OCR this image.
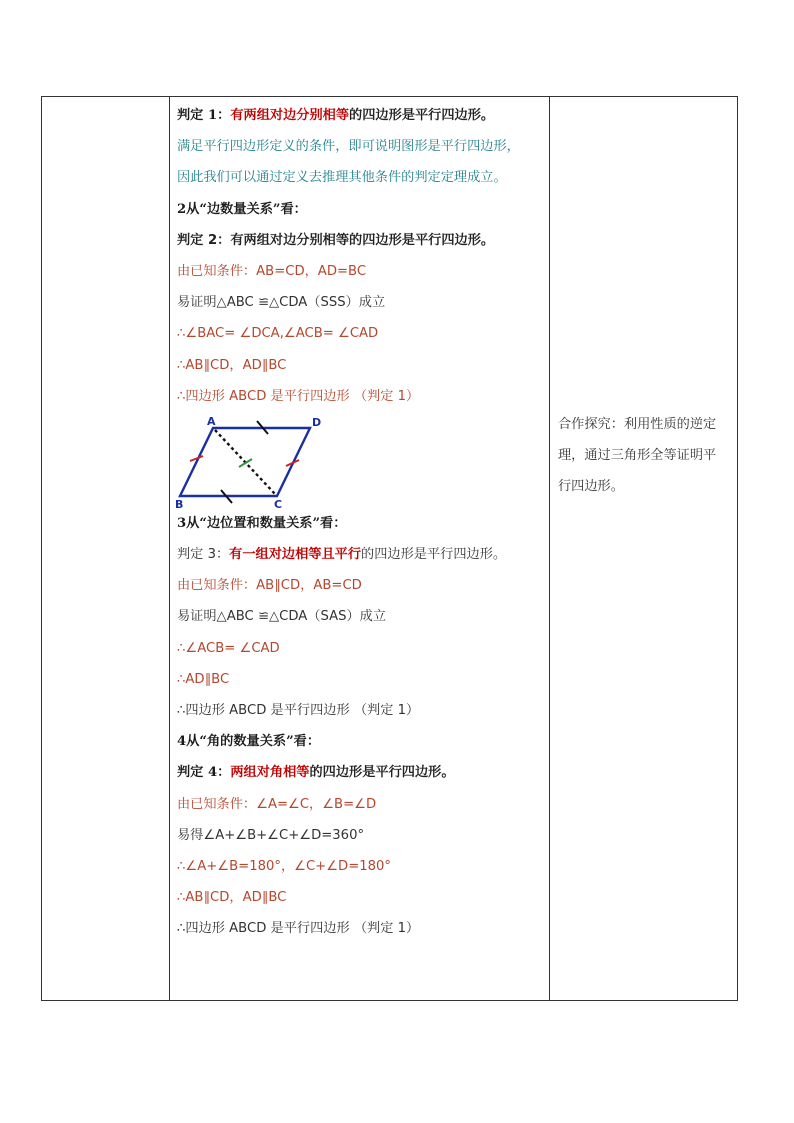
判定 1：有两组对边分别相等的四边形是平行四边形。
满足平行四边形定义的条件，即可说明图形是平行四边形，
因此我们可以通过定义去推理其他条件的判定定理成立。
2从“边数量关系”看：
判定 2：有两组对边分别相等的四边形是平行四边形。
由已知条件：AB=CD，AD=BC
易证明△ABC ≌△CDA（SSS）成立
∴∠BAC= ∠DCA,∠ACB= ∠CAD
∴AB∥CD，AD∥BC
∴四边形 ABCD 是平行四边形 （判定 1）
A	D
B	C
3从“边位置和数量关系”看：
判定 3：有一组对边相等且平行的四边形是平行四边形。
由已知条件：AB∥CD，AB=CD
易证明△ABC ≌△CDA（SAS）成立
∴∠ACB= ∠CAD
∴AD∥BC
∴四边形 ABCD 是平行四边形 （判定 1）
4从“角的数量关系”看：
判定 4：两组对角相等的四边形是平行四边形。
由已知条件：∠A=∠C，∠B=∠D
易得∠A+∠B+∠C+∠D=360°
∴∠A+∠B=180°，∠C+∠D=180°
∴AB∥CD，AD∥BC
∴四边形 ABCD 是平行四边形 （判定 1）
合作探究：利用性质的逆定
理，通过三角形全等证明平
行四边形。
